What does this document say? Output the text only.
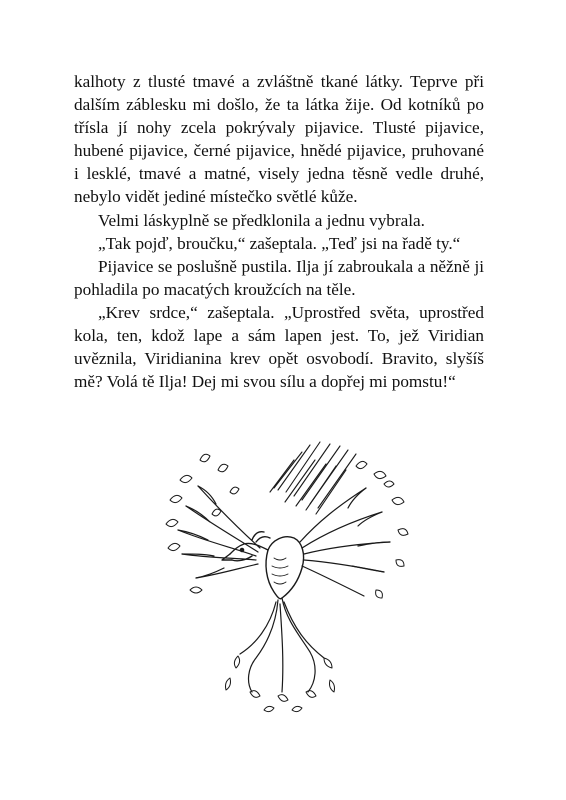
kalhoty z tlusté tmavé a zvláštně tkané látky. Teprve při dalším záblesku mi došlo, že ta látka žije. Od kotníků po třísla jí nohy zcela pokrývaly pijavice. Tlusté pijavice, hubené pijavice, černé pijavice, hnědé pijavice, pruhované i lesklé, tmavé a matné, visely jedna těsně vedle druhé, nebylo vidět jediné místečko světlé kůže.

Velmi láskyplně se předklonila a jednu vybrala.

„Tak pojď, broučku,“ zašeptala. „Teď jsi na řadě ty.“

Pijavice se poslušně pustila. Ilja jí zabroukala a něžně ji pohladila po macatých kroužcích na těle.

„Krev srdce,“ zašeptala. „Uprostřed světa, uprostřed kola, ten, kdož lape a sám lapen jest. To, jež Viridian uvěznila, Viridianina krev opět osvobodí. Bravito, slyšíš mě? Volá tě Ilja! Dej mi svou sílu a dopřej mi pomstu!“
